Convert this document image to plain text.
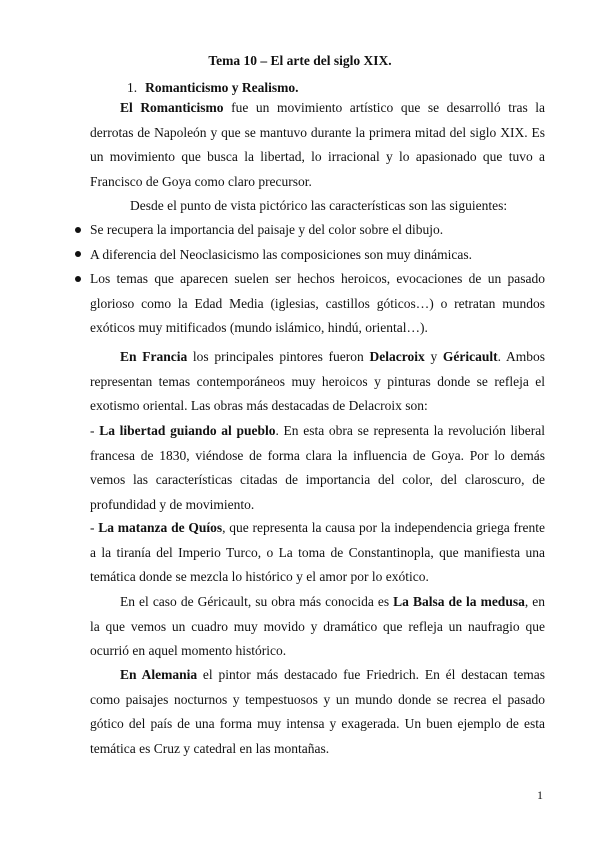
Tema 10 – El arte del siglo XIX.
1. Romanticismo y Realismo.

El Romanticismo fue un movimiento artístico que se desarrolló tras la derrotas de Napoleón y que se mantuvo durante la primera mitad del siglo XIX. Es un movimiento que busca la libertad, lo irracional y lo apasionado que tuvo a Francisco de Goya como claro precursor.

Desde el punto de vista pictórico las características son las siguientes:

Se recupera la importancia del paisaje y del color sobre el dibujo.
A diferencia del Neoclasicismo las composiciones son muy dinámicas.
Los temas que aparecen suelen ser hechos heroicos, evocaciones de un pasado glorioso como la Edad Media (iglesias, castillos góticos…) o retratan mundos exóticos muy mitificados (mundo islámico, hindú, oriental…).

En Francia los principales pintores fueron Delacroix y Géricault. Ambos representan temas contemporáneos muy heroicos y pinturas donde se refleja el exotismo oriental. Las obras más destacadas de Delacroix son:

- La libertad guiando al pueblo. En esta obra se representa la revolución liberal francesa de 1830, viéndose de forma clara la influencia de Goya. Por lo demás vemos las características citadas de importancia del color, del claroscuro, de profundidad y de movimiento.

- La matanza de Quíos, que representa la causa por la independencia griega frente a la tiranía del Imperio Turco, o La toma de Constantinopla, que manifiesta una temática donde se mezcla lo histórico y el amor por lo exótico.

En el caso de Géricault, su obra más conocida es La Balsa de la medusa, en la que vemos un cuadro muy movido y dramático que refleja un naufragio que ocurrió en aquel momento histórico.

En Alemania el pintor más destacado fue Friedrich. En él destacan temas como paisajes nocturnos y tempestuosos y un mundo donde se recrea el pasado gótico del país de una forma muy intensa y exagerada. Un buen ejemplo de esta temática es Cruz y catedral en las montañas.

1
